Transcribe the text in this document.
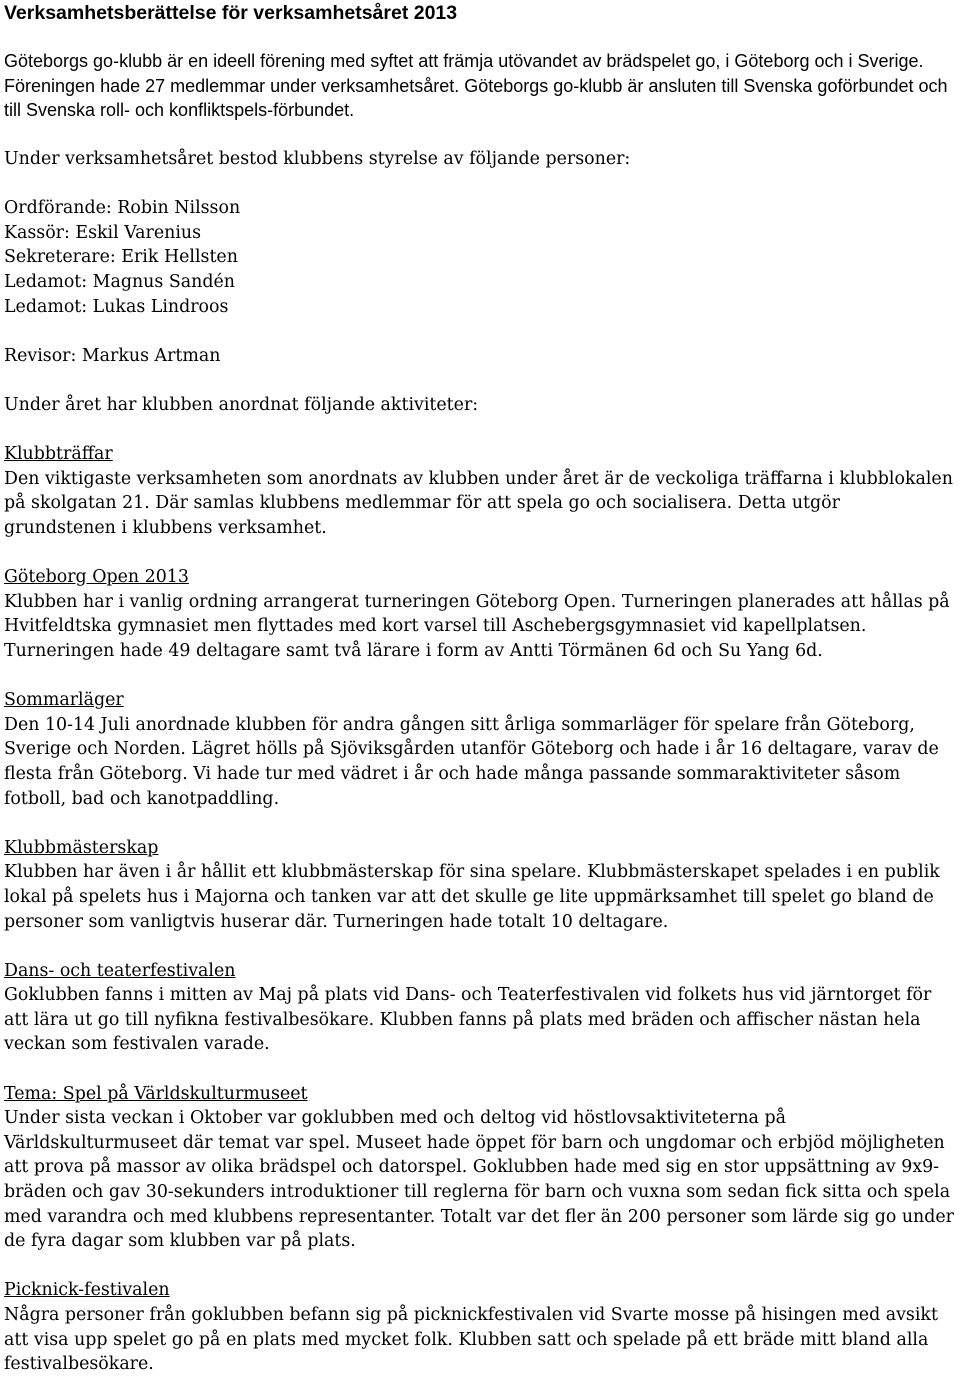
Verksamhetsberättelse för verksamhetsåret 2013

Göteborgs go-klubb är en ideell förening med syftet att främja utövandet av brädspelet go, i Göteborg och i Sverige. Föreningen hade 27 medlemmar under verksamhetsåret. Göteborgs go-klubb är ansluten till Svenska goförbundet och till Svenska roll- och konfliktspels-förbundet.

Under verksamhetsåret bestod klubbens styrelse av följande personer:

Ordförande: Robin Nilsson
Kassör: Eskil Varenius
Sekreterare: Erik Hellsten
Ledamot: Magnus Sandén
Ledamot: Lukas Lindroos

Revisor: Markus Artman

Under året har klubben anordnat följande aktiviteter:

Klubbträffar

Den viktigaste verksamheten som anordnats av klubben under året är de veckoliga träffarna i klubblokalen på skolgatan 21. Där samlas klubbens medlemmar för att spela go och socialisera. Detta utgör grundstenen i klubbens verksamhet.

Göteborg Open 2013

Klubben har i vanlig ordning arrangerat turneringen Göteborg Open. Turneringen planerades att hållas på Hvitfeldtska gymnasiet men flyttades med kort varsel till Aschebergsgymnasiet vid kapellplatsen. Turneringen hade 49 deltagare samt två lärare i form av Antti Törmänen 6d och Su Yang 6d.

Sommarläger

Den 10-14 Juli anordnade klubben för andra gången sitt årliga sommarläger för spelare från Göteborg, Sverige och Norden. Lägret hölls på Sjöviksgården utanför Göteborg och hade i år 16 deltagare, varav de flesta från Göteborg. Vi hade tur med vädret i år och hade många passande sommaraktiviteter såsom fotboll, bad och kanotpaddling.

Klubbmästerskap

Klubben har även i år hållit ett klubbmästerskap för sina spelare. Klubbmästerskapet spelades i en publik lokal på spelets hus i Majorna och tanken var att det skulle ge lite uppmärksamhet till spelet go bland de personer som vanligtvis huserar där. Turneringen hade totalt 10 deltagare.

Dans- och teaterfestivalen

Goklubben fanns i mitten av Maj på plats vid Dans- och Teaterfestivalen vid folkets hus vid järntorget för att lära ut go till nyfikna festivalbesökare. Klubben fanns på plats med bräden och affischer nästan hela veckan som festivalen varade.

Tema: Spel på Världskulturmuseet

Under sista veckan i Oktober var goklubben med och deltog vid höstlovsaktiviteterna på Världskulturmuseet där temat var spel. Museet hade öppet för barn och ungdomar och erbjöd möjligheten att prova på massor av olika brädspel och datorspel. Goklubben hade med sig en stor uppsättning av 9x9-bräden och gav 30-sekunders introduktioner till reglerna för barn och vuxna som sedan fick sitta och spela med varandra och med klubbens representanter. Totalt var det fler än 200 personer som lärde sig go under de fyra dagar som klubben var på plats.

Picknick-festivalen

Några personer från goklubben befann sig på picknickfestivalen vid Svarte mosse på hisingen med avsikt att visa upp spelet go på en plats med mycket folk. Klubben satt och spelade på ett bräde mitt bland alla festivalbesökare.
